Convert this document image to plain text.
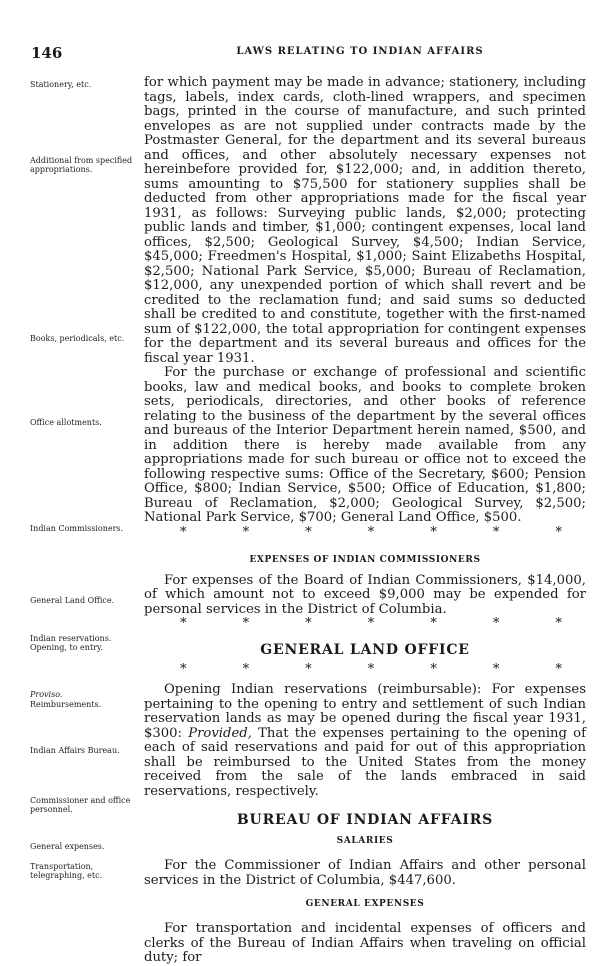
146	LAWS RELATING TO INDIAN AFFAIRS
Stationery, etc.
Additional from specified appropriations.
Books, periodicals, etc.
Office allotments.
Indian Commissioners.
General Land Office.
Indian reservations. Opening, to entry.
Proviso.
Reimbursements.
Indian Affairs Bureau.
Commissioner and office personnel.
General expenses.
Transportation, telegraphing, etc.

for which payment may be made in advance; stationery, including tags, labels, index cards, cloth-lined wrappers, and specimen bags, printed in the course of manufacture, and such printed envelopes as are not supplied under contracts made by the Postmaster General, for the department and its several bureaus and offices, and other absolutely necessary expenses not hereinbefore provided for, $122,000; and, in addition thereto, sums amounting to $75,500 for stationery supplies shall be deducted from other appropriations made for the fiscal year 1931, as follows: Surveying public lands, $2,000; protecting public lands and timber, $1,000; contingent expenses, local land offices, $2,500; Geological Survey, $4,500; Indian Service, $45,000; Freedmen's Hospital, $1,000; Saint Elizabeths Hospital, $2,500; National Park Service, $5,000; Bureau of Reclamation, $12,000, any unexpended portion of which shall revert and be credited to the reclamation fund; and said sums so deducted shall be credited to and constitute, together with the first-named sum of $122,000, the total appropriation for contingent expenses for the department and its several bureaus and offices for the fiscal year 1931.

For the purchase or exchange of professional and scientific books, law and medical books, and books to complete broken sets, periodicals, directories, and other books of reference relating to the business of the department by the several offices and bureaus of the Interior Department herein named, $500, and in addition there is hereby made available from any appropriations made for such bureau or office not to exceed the following respective sums: Office of the Secretary, $600; Pension Office, $800; Indian Service, $500; Office of Education, $1,800; Bureau of Reclamation, $2,000; Geological Survey, $2,500; National Park Service, $700; General Land Office, $500.

*	*	*	*	*	*	*
EXPENSES OF INDIAN COMMISSIONERS

For expenses of the Board of Indian Commissioners, $14,000, of which amount not to exceed $9,000 may be expended for personal services in the District of Columbia.

*	*	*	*	*	*	*
GENERAL LAND OFFICE
*	*	*	*	*	*	*

Opening Indian reservations (reimbursable): For expenses pertaining to the opening to entry and settlement of such Indian reservation lands as may be opened during the fiscal year 1931, $300: Provided, That the expenses pertaining to the opening of each of said reservations and paid for out of this appropriation shall be reimbursed to the United States from the money received from the sale of the lands embraced in said reservations, respectively.

BUREAU OF INDIAN AFFAIRS
SALARIES

For the Commissioner of Indian Affairs and other personal services in the District of Columbia, $447,600.

GENERAL EXPENSES

For transportation and incidental expenses of officers and clerks of the Bureau of Indian Affairs when traveling on official duty; for
